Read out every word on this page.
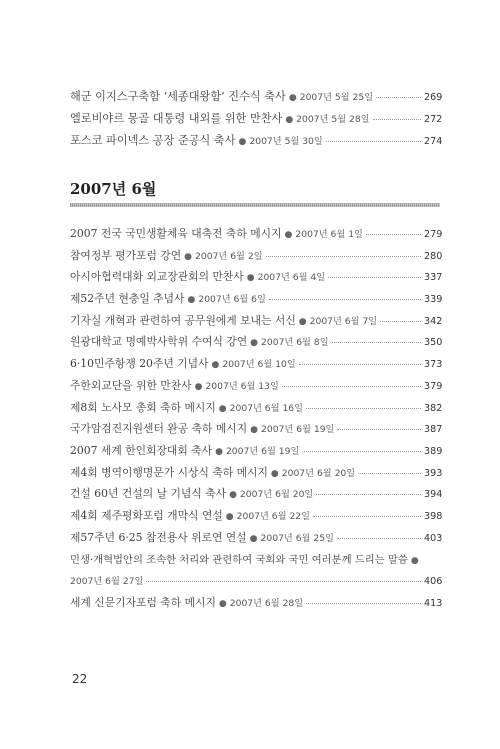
해군 이지스구축함 ‘세종대왕함’ 진수식 축사 ● 2007년 5월 25일	269
엘로비야르 몽골 대통령 내외를 위한 만찬사 ● 2007년 5월 28일	272
포스코 파이넥스 공장 준공식 축사 ● 2007년 5월 30일	274
2007년 6월
2007 전국 국민생활체육 대축전 축하 메시지 ● 2007년 6월 1일	279
참여정부 평가포럼 강연 ● 2007년 6월 2일	280
아시아협력대화 외교장관회의 만찬사 ● 2007년 6월 4일	337
제52주년 현충일 추념사 ● 2007년 6월 6일	339
기자실 개혁과 관련하여 공무원에게 보내는 서신 ● 2007년 6월 7일	342
원광대학교 명예박사학위 수여식 강연 ● 2007년 6월 8일	350
6·10민주항쟁 20주년 기념사 ● 2007년 6월 10일	373
주한외교단을 위한 만찬사 ● 2007년 6월 13일	379
제8회 노사모 총회 축하 메시지 ● 2007년 6월 16일	382
국가암검진지원센터 완공 축하 메시지 ● 2007년 6월 19일	387
2007 세계 한인회장대회 축사 ● 2007년 6월 19일	389
제4회 병역이행명문가 시상식 축하 메시지 ● 2007년 6월 20일	393
건설 60년 건설의 날 기념식 축사 ● 2007년 6월 20일	394
제4회 제주평화포럼 개막식 연설 ● 2007년 6월 22일	398
제57주년 6·25 참전용사 위로연 연설 ● 2007년 6월 25일	403
민생·개혁법안의 조속한 처리와 관련하여 국회와 국민 여러분께 드리는 말씀 ●
2007년 6월 27일	406
세계 신문기자포럼 축하 메시지 ● 2007년 6월 28일	413
22
